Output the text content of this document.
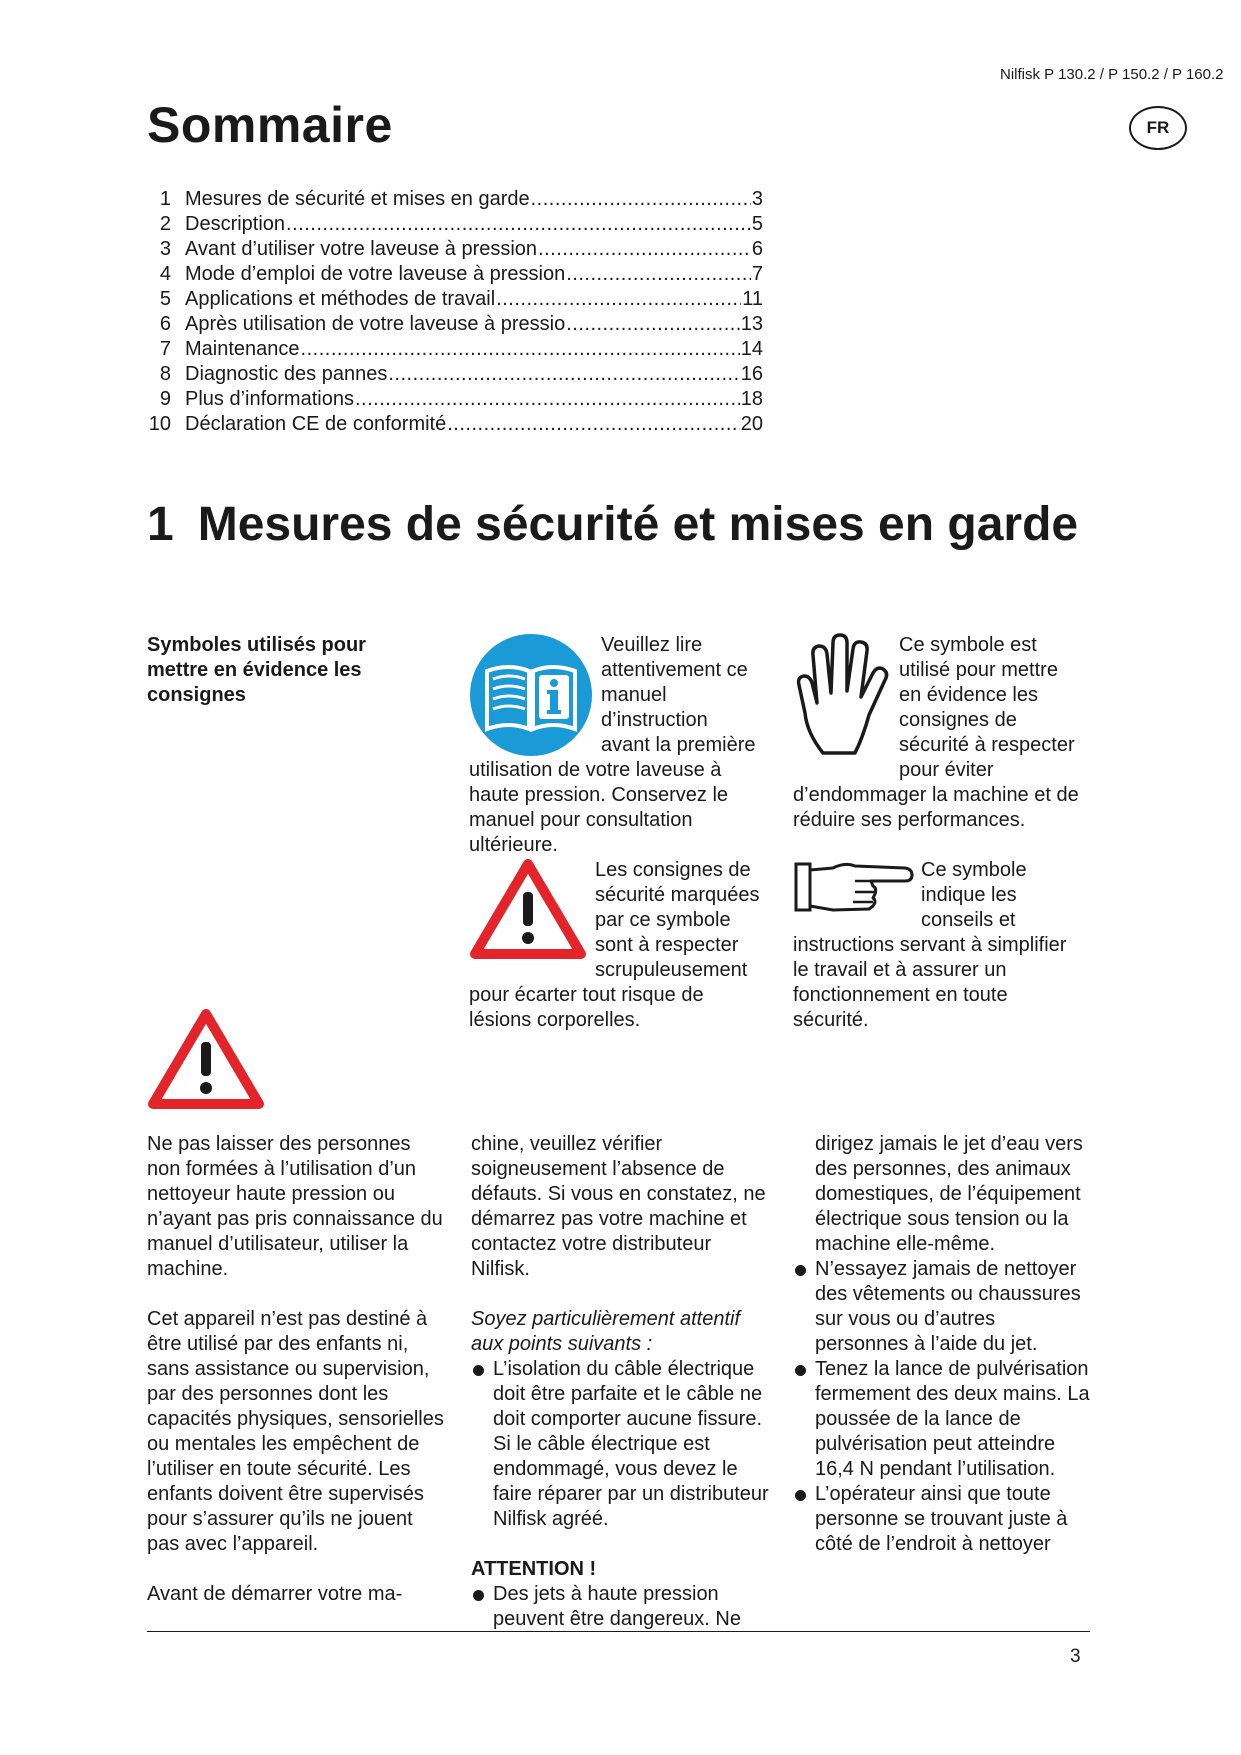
Nilfisk P 130.2 / P 150.2 / P 160.2
FR
Sommaire
1 Mesures de sécurité et mises en garde .....	3
2 Description .....	5
3 Avant d’utiliser votre laveuse à pression .....	6
4 Mode d’emploi de votre laveuse à pression .....	7
5 Applications et méthodes de travail .....	11
6 Après utilisation de votre laveuse à pressio .....	13
7 Maintenance .....	14
8 Diagnostic des pannes .....	16
9 Plus d’informations .....	18
10 Déclaration CE de conformité .....	20
1 Mesures de sécurité et mises en garde
Symboles utilisés pour mettre en évidence les consignes
Veuillez lire attentivement ce manuel d’instruction avant la première utilisation de votre laveuse à haute pression. Conservez le manuel pour consultation ultérieure.
Ce symbole est utilisé pour mettre en évidence les consignes de sécurité à respecter pour éviter d’endommager la machine et de réduire ses performances.
Les consignes de sécurité marquées par ce symbole sont à respecter scrupuleusement pour écarter tout risque de lésions corporelles.
Ce symbole indique les conseils et instructions servant à simplifier le travail et à assurer un fonctionnement en toute sécurité.

Ne pas laisser des personnes non formées à l’utilisation d’un nettoyeur haute pression ou n’ayant pas pris connaissance du manuel d’utilisateur, utiliser la machine.

Cet appareil n’est pas destiné à être utilisé par des enfants ni, sans assistance ou supervision, par des personnes dont les capacités physiques, sensorielles ou mentales les empêchent de l’utiliser en toute sécurité. Les enfants doivent être supervisés pour s’assurer qu’ils ne jouent pas avec l’appareil.

Avant de démarrer votre ma-

chine, veuillez vérifier soigneusement l’absence de défauts. Si vous en constatez, ne démarrez pas votre machine et contactez votre distributeur Nilfisk.

Soyez particulièrement attentif aux points suivants :
L’isolation du câble électrique doit être parfaite et le câble ne doit comporter aucune fissure. Si le câble électrique est endommagé, vous devez le faire réparer par un distributeur Nilfisk agréé.
ATTENTION !
Des jets à haute pression peuvent être dangereux. Ne
dirigez jamais le jet d’eau vers des personnes, des animaux domestiques, de l’équipement électrique sous tension ou la machine elle-même.
N’essayez jamais de nettoyer des vêtements ou chaussures sur vous ou d’autres personnes à l’aide du jet.
Tenez la lance de pulvérisation fermement des deux mains. La poussée de la lance de pulvérisation peut atteindre 16,4 N pendant l’utilisation.
L’opérateur ainsi que toute personne se trouvant juste à côté de l’endroit à nettoyer
3
